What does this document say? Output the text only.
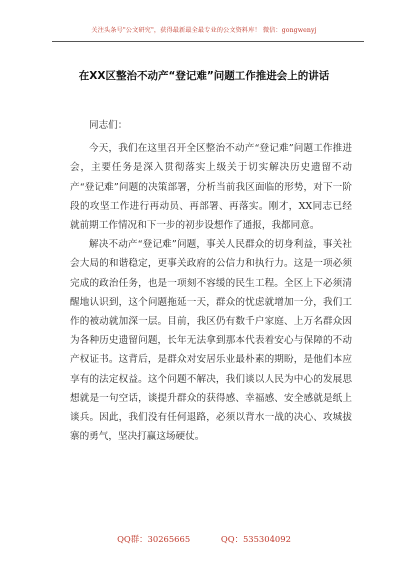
关注头条号"公文研究"，获得最新最全最专业的公文资料库！ 微信：gongwenyj
在XX区整治不动产“登记难”问题工作推进会上的讲话

同志们：

今天，我们在这里召开全区整治不动产“登记难”问题工作推进会，主要任务是深入贯彻落实上级关于切实解决历史遗留不动产“登记难”问题的决策部署，分析当前我区面临的形势，对下一阶段的攻坚工作进行再动员、再部署、再落实。刚才，XX同志已经就前期工作情况和下一步的初步设想作了通报，我都同意。

解决不动产“登记难”问题，事关人民群众的切身利益，事关社会大局的和谐稳定，更事关政府的公信力和执行力。这是一项必须完成的政治任务，也是一项刻不容缓的民生工程。全区上下必须清醒地认识到，这个问题拖延一天，群众的忧虑就增加一分，我们工作的被动就加深一层。目前，我区仍有数千户家庭、上万名群众因为各种历史遗留问题，长年无法拿到那本代表着安心与保障的不动产权证书。这背后，是群众对安居乐业最朴素的期盼，是他们本应享有的法定权益。这个问题不解决，我们谈以人民为中心的发展思想就是一句空话，谈提升群众的获得感、幸福感、安全感就是纸上谈兵。因此，我们没有任何退路，必须以背水一战的决心、攻城拔寨的勇气，坚决打赢这场硬仗。

QQ群：30265665	QQ：535304092
